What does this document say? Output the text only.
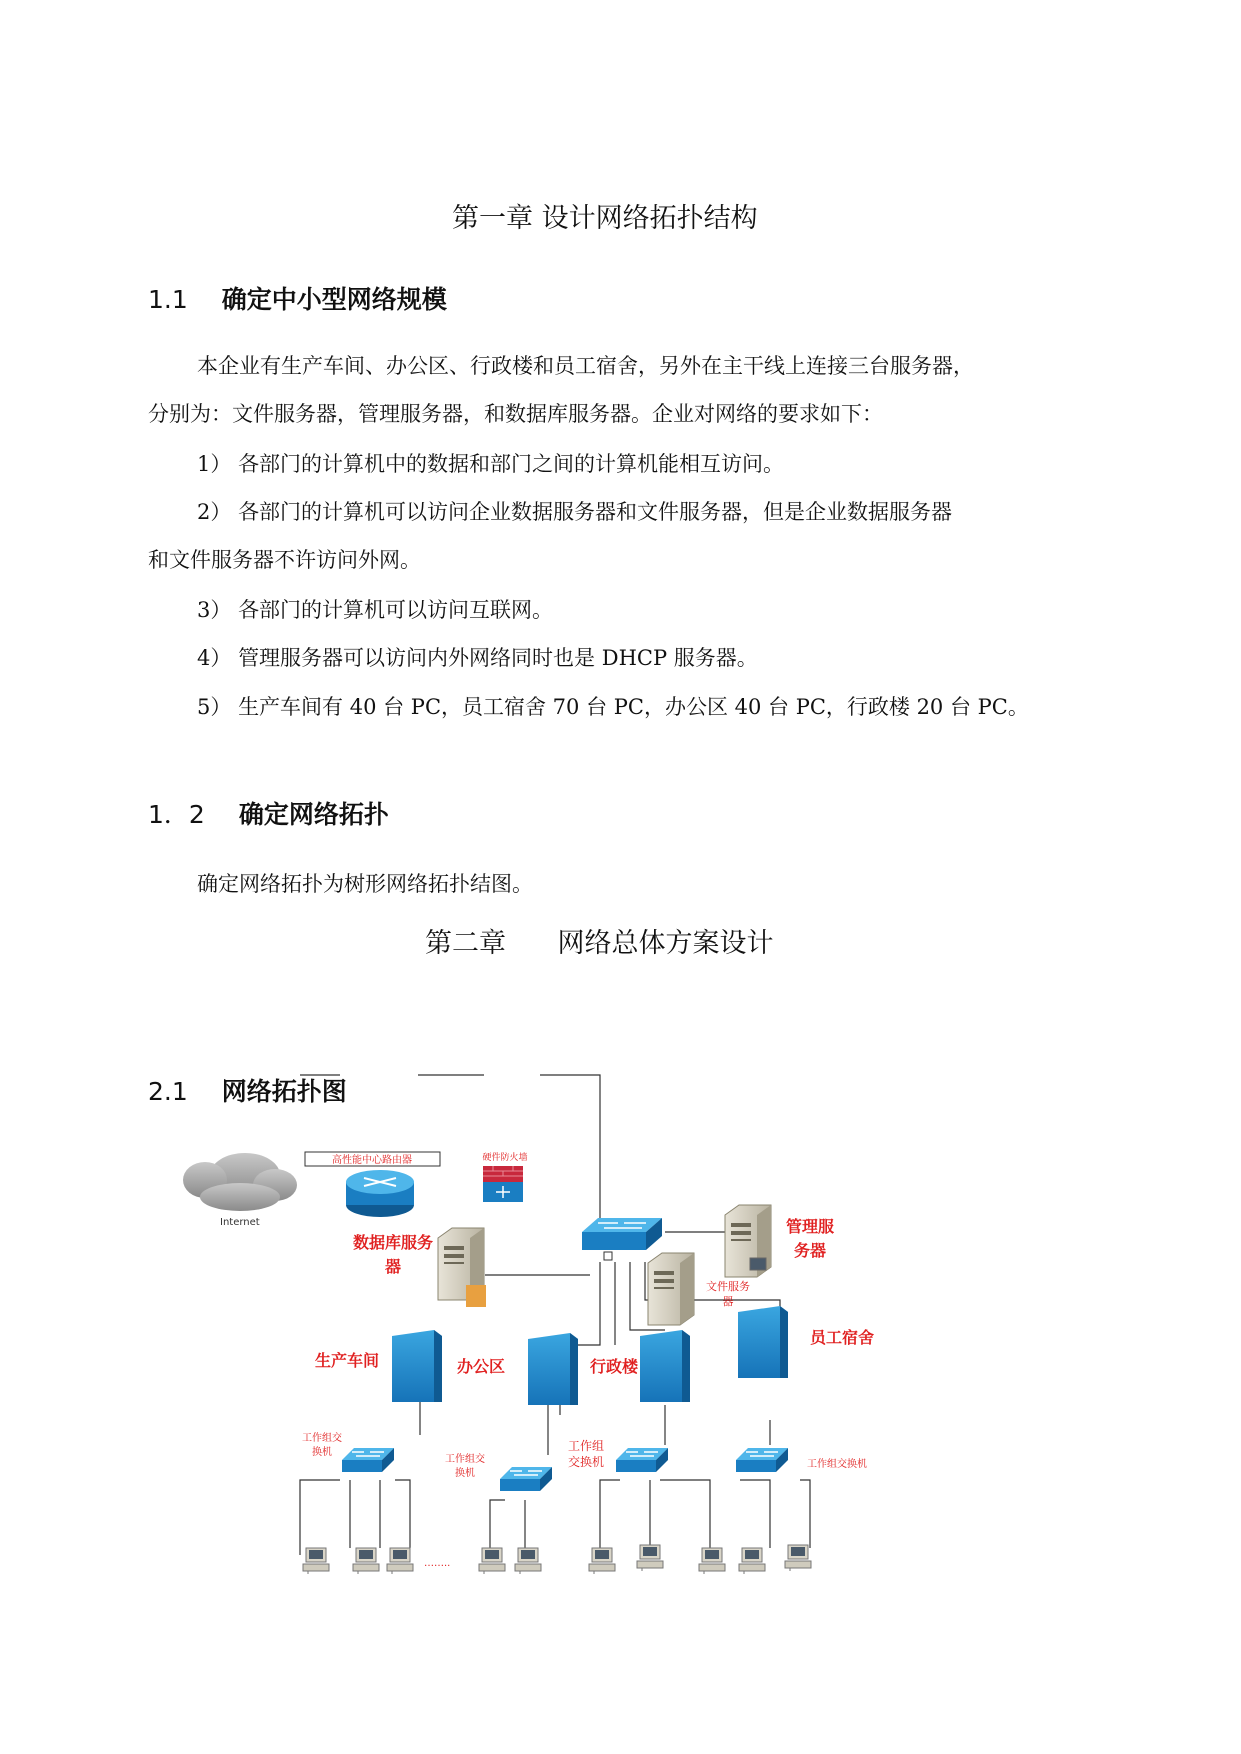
第一章 设计网络拓扑结构
1.1 确定中小型网络规模
本企业有生产车间、办公区、行政楼和员工宿舍，另外在主干线上连接三台服务器，
分别为：文件服务器，管理服务器，和数据库服务器。企业对网络的要求如下：
1） 各部门的计算机中的数据和部门之间的计算机能相互访问。
2） 各部门的计算机可以访问企业数据服务器和文件服务器，但是企业数据服务器
和文件服务器不许访问外网。
3） 各部门的计算机可以访问互联网。
4） 管理服务器可以访问内外网络同时也是 DHCP 服务器。
5） 生产车间有 40 台 PC，员工宿舍 70 台 PC，办公区 40 台 PC，行政楼 20 台 PC。
1．2 确定网络拓扑
确定网络拓扑为树形网络拓扑结图。
第二章      网络总体方案设计
2.1 网络拓扑图
Internet
高性能中心路由器	硬件防火墙
数据库服务
器
管理服
务器
文件服务
器
生产车间	办公区	行政楼
员工宿舍
工作组交
换机
工作组交
换机
工作组
交换机	工作组交换机
……..
